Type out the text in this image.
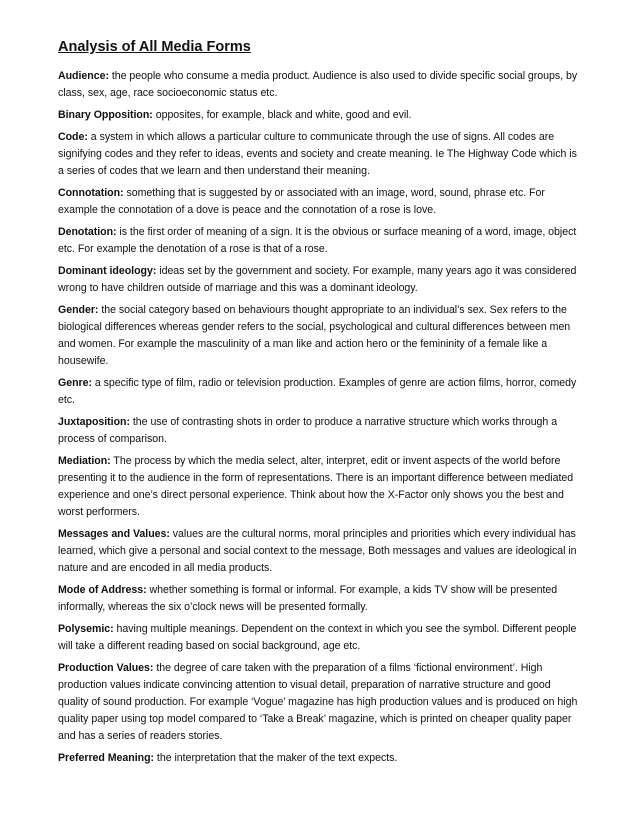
Analysis of All Media Forms

Audience: the people who consume a media product. Audience is also used to divide specific social groups, by class, sex, age, race socioeconomic status etc.

Binary Opposition: opposites, for example, black and white, good and evil.

Code: a system in which allows a particular culture to communicate through the use of signs. All codes are signifying codes and they refer to ideas, events and society and create meaning. Ie The Highway Code which is a series of codes that we learn and then understand their meaning.

Connotation: something that is suggested by or associated with an image, word, sound, phrase etc. For example the connotation of a dove is peace and the connotation of a rose is love.

Denotation: is the first order of meaning of a sign. It is the obvious or surface meaning of a word, image, object etc. For example the denotation of a rose is that of a rose.

Dominant ideology: ideas set by the government and society. For example, many years ago it was considered wrong to have children outside of marriage and this was a dominant ideology.

Gender: the social category based on behaviours thought appropriate to an individual’s sex. Sex refers to the biological differences whereas gender refers to the social, psychological and cultural differences between men and women. For example the masculinity of a man like and action hero or the femininity of a female like a housewife.

Genre: a specific type of film, radio or television production. Examples of genre are action films, horror, comedy etc.

Juxtaposition: the use of contrasting shots in order to produce a narrative structure which works through a process of comparison.

Mediation: The process by which the media select, alter, interpret, edit or invent aspects of the world before presenting it to the audience in the form of representations. There is an important difference between mediated experience and one’s direct personal experience. Think about how the X-Factor only shows you the best and worst performers.

Messages and Values: values are the cultural norms, moral principles and priorities which every individual has learned, which give a personal and social context to the message, Both messages and values are ideological in nature and are encoded in all media products.

Mode of Address: whether something is formal or informal. For example, a kids TV show will be presented informally, whereas the six o’clock news will be presented formally.

Polysemic: having multiple meanings. Dependent on the context in which you see the symbol. Different people will take a different reading based on social background, age etc.

Production Values: the degree of care taken with the preparation of a films ‘fictional environment’. High production values indicate convincing attention to visual detail, preparation of narrative structure and good quality of sound production. For example ‘Vogue’ magazine has high production values and is produced on high quality paper using top model compared to ‘Take a Break’ magazine, which is printed on cheaper quality paper and has a series of readers stories.

Preferred Meaning: the interpretation that the maker of the text expects.
